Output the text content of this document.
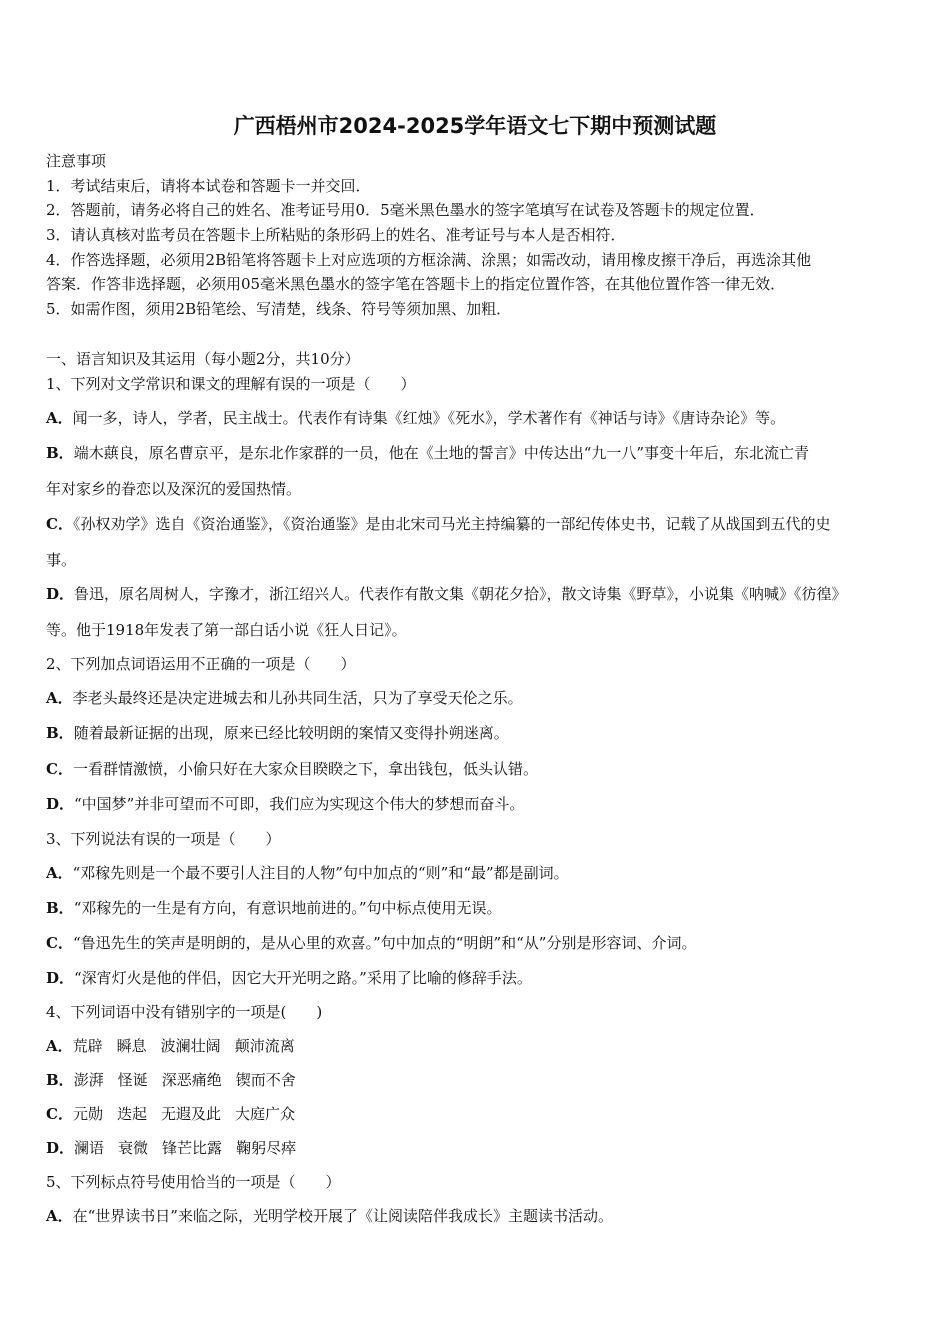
广西梧州市2024-2025学年语文七下期中预测试题
注意事项
1．考试结束后，请将本试卷和答题卡一并交回．
2．答题前，请务必将自己的姓名、准考证号用0．5毫米黑色墨水的签字笔填写在试卷及答题卡的规定位置．
3．请认真核对监考员在答题卡上所粘贴的条形码上的姓名、准考证号与本人是否相符．
4．作答选择题，必须用2B铅笔将答题卡上对应选项的方框涂满、涂黑；如需改动，请用橡皮擦干净后，再选涂其他
答案．作答非选择题，必须用05毫米黑色墨水的签字笔在答题卡上的指定位置作答，在其他位置作答一律无效．
5．如需作图，须用2B铅笔绘、写清楚，线条、符号等须加黑、加粗．
一、语言知识及其运用（每小题2分，共10分）
1、下列对文学常识和课文的理解有误的一项是（　　）
A．闻一多，诗人，学者，民主战士。代表作有诗集《红烛》《死水》，学术著作有《神话与诗》《唐诗杂论》等。
B．端木蕻良，原名曹京平，是东北作家群的一员，他在《土地的誓言》中传达出“九一八”事变十年后，东北流亡青
年对家乡的眷恋以及深沉的爱国热情。
C．《孙权劝学》选自《资治通鉴》，《资治通鉴》是由北宋司马光主持编纂的一部纪传体史书，记载了从战国到五代的史
事。
D．鲁迅，原名周树人，字豫才，浙江绍兴人。代表作有散文集《朝花夕拾》，散文诗集《野草》，小说集《呐喊》《彷徨》
等。他于1918年发表了第一部白话小说《狂人日记》。
2、下列加点词语运用不正确的一项是（　　）
A．李老头最终还是决定进城去和儿孙共同生活，只为了享受天伦之乐。
B．随着最新证据的出现，原来已经比较明朗的案情又变得扑朔迷离。
C．一看群情激愤，小偷只好在大家众目睽睽之下，拿出钱包，低头认错。
D．“中国梦”并非可望而不可即，我们应为实现这个伟大的梦想而奋斗。
3、下列说法有误的一项是（　　）
A．“邓稼先则是一个最不要引人注目的人物”句中加点的“则”和“最”都是副词。
B．“邓稼先的一生是有方向，有意识地前进的。”句中标点使用无误。
C．“鲁迅先生的笑声是明朗的，是从心里的欢喜。”句中加点的“明朗”和“从”分别是形容词、介词。
D．“深宵灯火是他的伴侣，因它大开光明之路。”采用了比喻的修辞手法。
4、下列词语中没有错别字的一项是(　　)
A．荒辟 瞬息 波澜壮阔 颠沛流离
B．澎湃 怪诞 深恶痛绝 锲而不舍
C．元勋 迭起 无遐及此 大庭广众
D．澜语 衰微 锋芒比露 鞠躬尽瘁
5、下列标点符号使用恰当的一项是（　　）
A．在“世界读书日”来临之际，光明学校开展了《让阅读陪伴我成长》主题读书活动。
